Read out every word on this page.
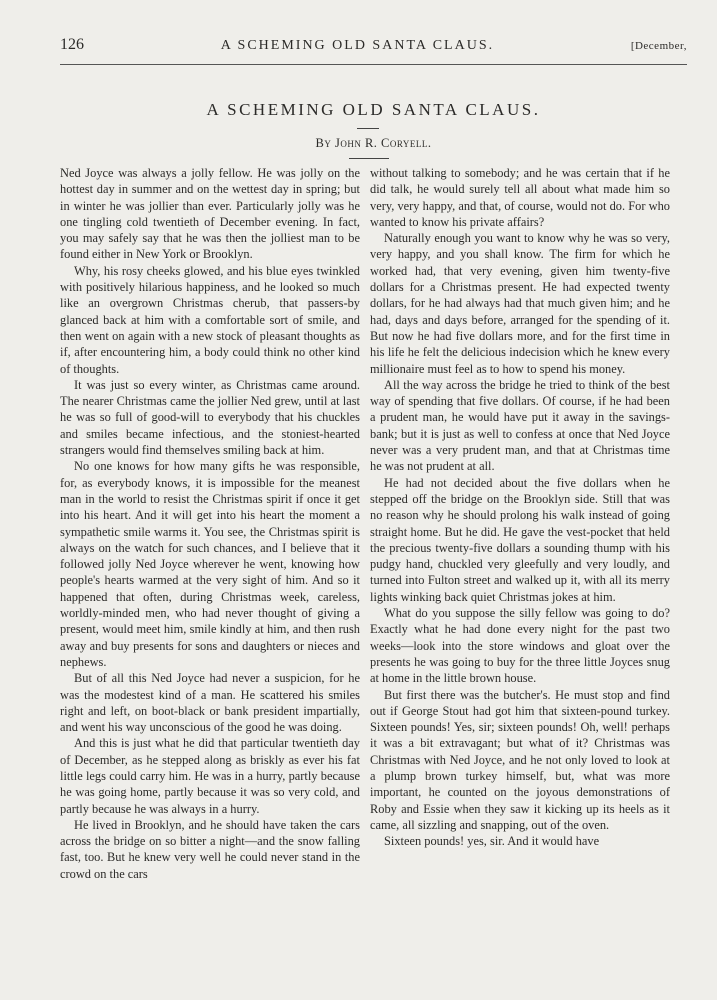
126	A SCHEMING OLD SANTA CLAUS.	[December,
A SCHEMING OLD SANTA CLAUS.
By John R. Coryell.

Ned Joyce was always a jolly fellow. He was jolly on the hottest day in summer and on the wettest day in spring; but in winter he was jollier than ever. Particularly jolly was he one tingling cold twentieth of December evening. In fact, you may safely say that he was then the jolliest man to be found either in New York or Brooklyn.

Why, his rosy cheeks glowed, and his blue eyes twinkled with positively hilarious happiness, and he looked so much like an overgrown Christmas cherub, that passers-by glanced back at him with a comfortable sort of smile, and then went on again with a new stock of pleasant thoughts as if, after encountering him, a body could think no other kind of thoughts.

It was just so every winter, as Christmas came around. The nearer Christmas came the jollier Ned grew, until at last he was so full of good-will to everybody that his chuckles and smiles became infectious, and the stoniest-hearted strangers would find themselves smiling back at him.

No one knows for how many gifts he was responsible, for, as everybody knows, it is impossible for the meanest man in the world to resist the Christmas spirit if once it get into his heart. And it will get into his heart the moment a sympathetic smile warms it. You see, the Christmas spirit is always on the watch for such chances, and I believe that it followed jolly Ned Joyce wherever he went, knowing how people's hearts warmed at the very sight of him. And so it happened that often, during Christmas week, careless, worldly-minded men, who had never thought of giving a present, would meet him, smile kindly at him, and then rush away and buy presents for sons and daughters or nieces and nephews.

But of all this Ned Joyce had never a suspicion, for he was the modestest kind of a man. He scattered his smiles right and left, on boot-black or bank president impartially, and went his way unconscious of the good he was doing.

And this is just what he did that particular twentieth day of December, as he stepped along as briskly as ever his fat little legs could carry him. He was in a hurry, partly because he was going home, partly because it was so very cold, and partly because he was always in a hurry.

He lived in Brooklyn, and he should have taken the cars across the bridge on so bitter a night—and the snow falling fast, too. But he knew very well he could never stand in the crowd on the cars

without talking to somebody; and he was certain that if he did talk, he would surely tell all about what made him so very, very happy, and that, of course, would not do. For who wanted to know his private affairs?

Naturally enough you want to know why he was so very, very happy, and you shall know. The firm for which he worked had, that very evening, given him twenty-five dollars for a Christmas present. He had expected twenty dollars, for he had always had that much given him; and he had, days and days before, arranged for the spending of it. But now he had five dollars more, and for the first time in his life he felt the delicious indecision which he knew every millionaire must feel as to how to spend his money.

All the way across the bridge he tried to think of the best way of spending that five dollars. Of course, if he had been a prudent man, he would have put it away in the savings-bank; but it is just as well to confess at once that Ned Joyce never was a very prudent man, and that at Christmas time he was not prudent at all.

He had not decided about the five dollars when he stepped off the bridge on the Brooklyn side. Still that was no reason why he should prolong his walk instead of going straight home. But he did. He gave the vest-pocket that held the precious twenty-five dollars a sounding thump with his pudgy hand, chuckled very gleefully and very loudly, and turned into Fulton street and walked up it, with all its merry lights winking back quiet Christmas jokes at him.

What do you suppose the silly fellow was going to do? Exactly what he had done every night for the past two weeks—look into the store windows and gloat over the presents he was going to buy for the three little Joyces snug at home in the little brown house.

But first there was the butcher's. He must stop and find out if George Stout had got him that sixteen-pound turkey. Sixteen pounds! Yes, sir; sixteen pounds! Oh, well! perhaps it was a bit extravagant; but what of it? Christmas was Christmas with Ned Joyce, and he not only loved to look at a plump brown turkey himself, but, what was more important, he counted on the joyous demonstrations of Roby and Essie when they saw it kicking up its heels as it came, all sizzling and snapping, out of the oven.

Sixteen pounds! yes, sir. And it would have
